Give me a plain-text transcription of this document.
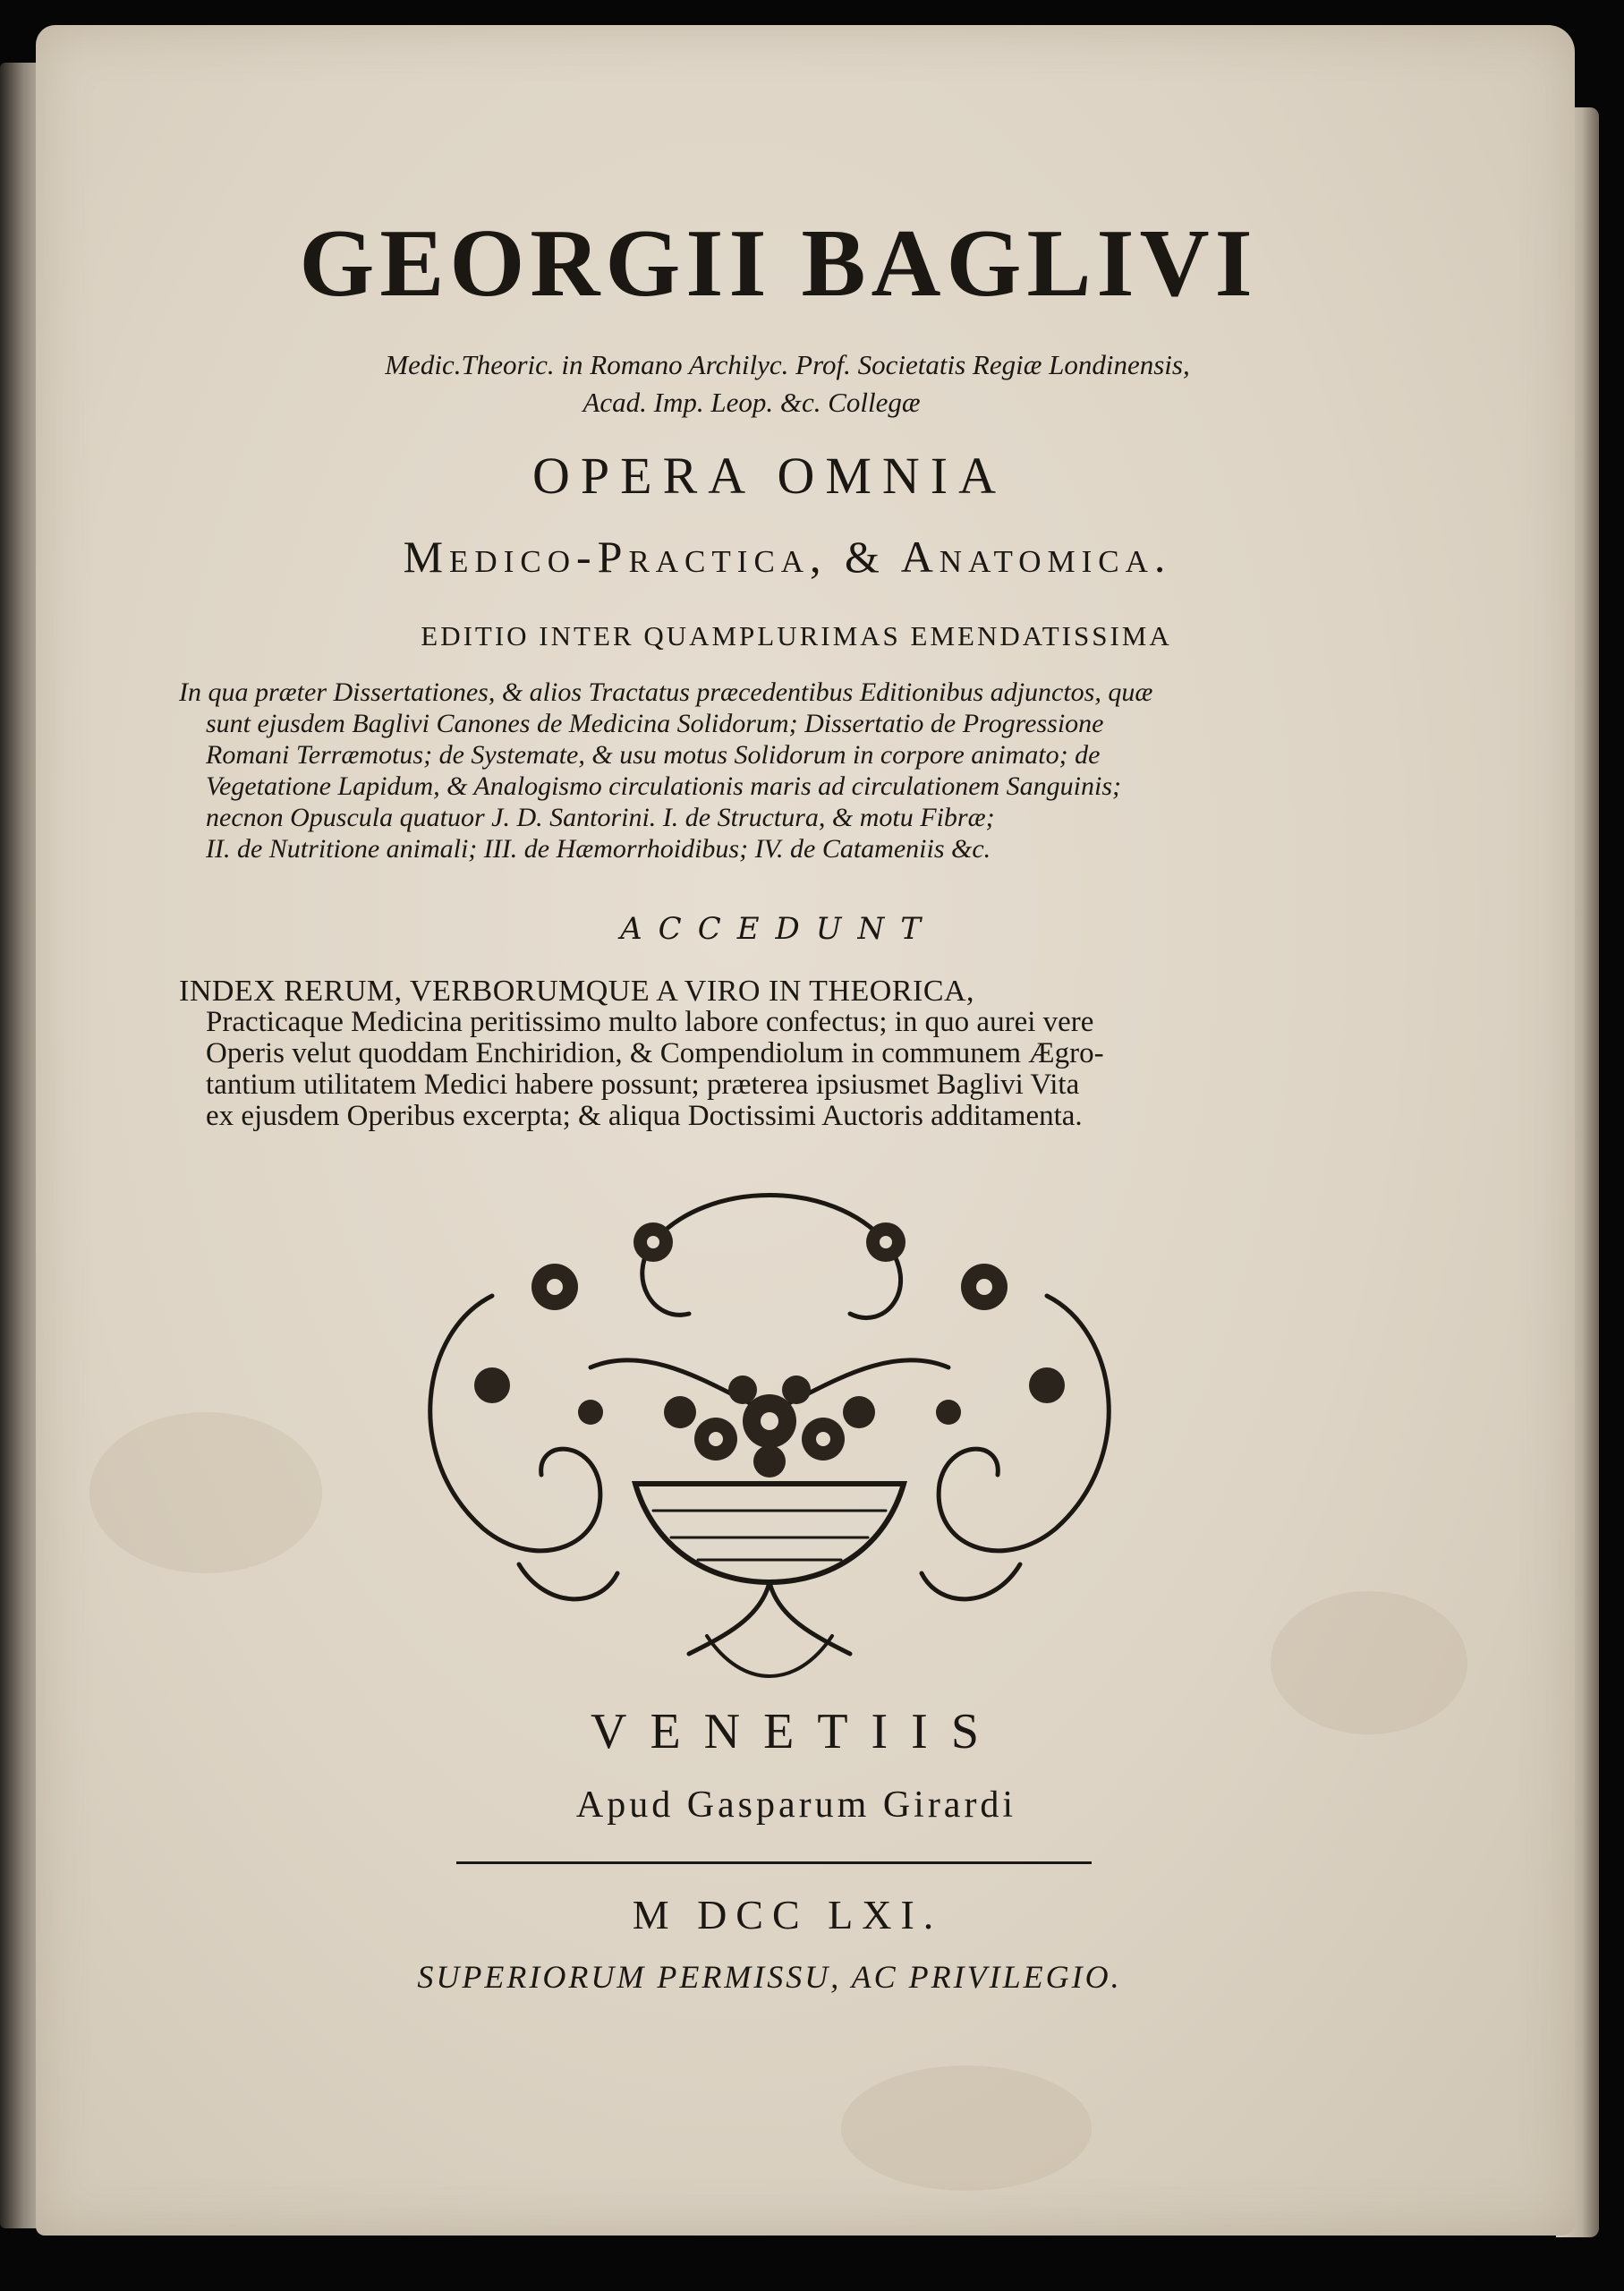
GEORGII BAGLIVI
Medic.Theoric. in Romano Archilyc. Prof. Societatis Regiæ Londinensis,
Acad. Imp. Leop. &c. Collegæ
OPERA OMNIA
Medico-Practica, & Anatomica.
EDITIO INTER QUAMPLURIMAS EMENDATISSIMA
In qua præter Dissertationes, & alios Tractatus præcedentibus Editionibus adjunctos, quæ
sunt ejusdem Baglivi Canones de Medicina Solidorum; Dissertatio de Progressione
Romani Terræmotus; de Systemate, & usu motus Solidorum in corpore animato; de
Vegetatione Lapidum, & Analogismo circulationis maris ad circulationem Sanguinis;
necnon Opuscula quatuor J. D. Santorini. I. de Structura, & motu Fibræ;
II. de Nutritione animali; III. de Hæmorrhoidibus; IV. de Catameniis &c.
ACCEDUNT
INDEX RERUM, VERBORUMQUE A VIRO IN THEORICA,
Practicaque Medicina peritissimo multo labore confectus; in quo aurei vere
Operis velut quoddam Enchiridion, & Compendiolum in communem Ægro-
tantium utilitatem Medici habere possunt; præterea ipsiusmet Baglivi Vita
ex ejusdem Operibus excerpta; & aliqua Doctissimi Auctoris additamenta.
VENETIIS
Apud Gasparum Girardi
M DCC LXI.
SUPERIORUM PERMISSU, AC PRIVILEGIO.
